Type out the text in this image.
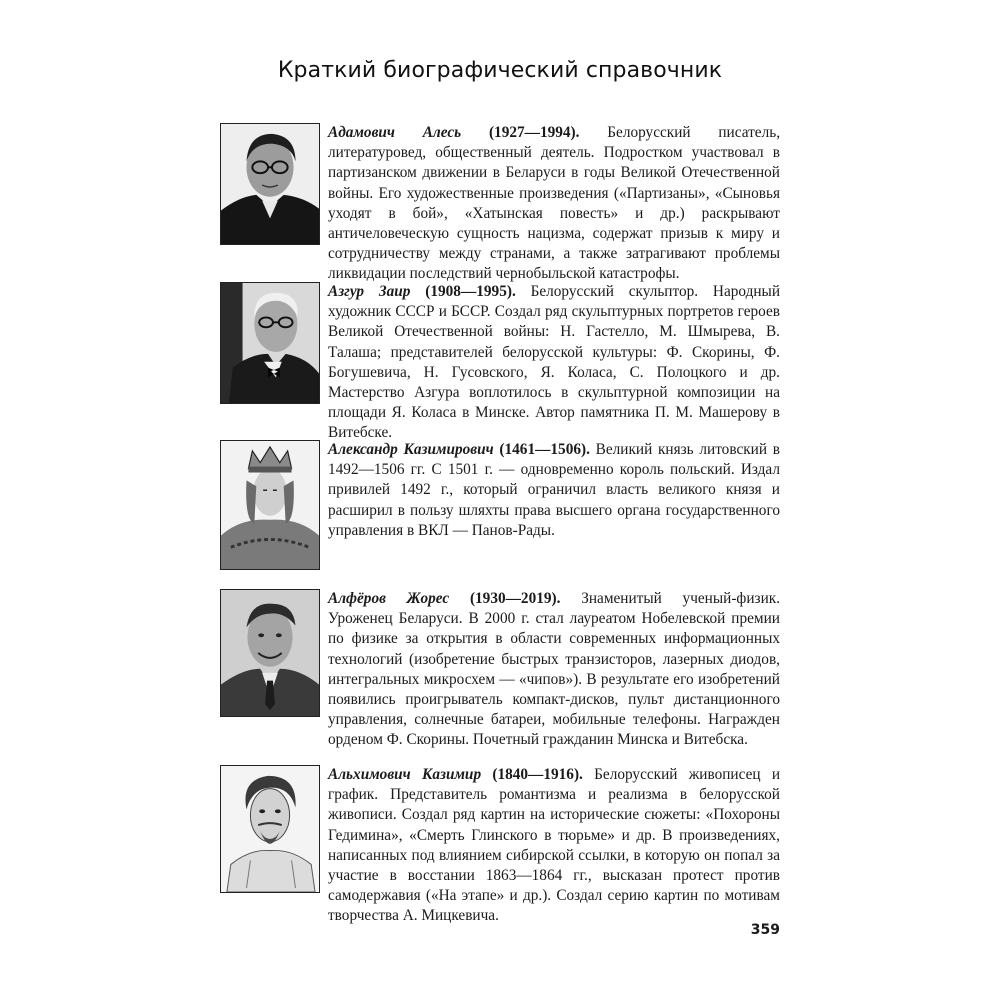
Краткий биографический справочник
Адамович Алесь (1927—1994). Белорусский писатель, литературовед, общественный деятель. Подростком участвовал в партизанском движении в Беларуси в годы Великой Отечественной войны. Его художественные произведения («Партизаны», «Сыновья уходят в бой», «Хатынская повесть» и др.) раскрывают античеловеческую сущность нацизма, содержат призыв к миру и сотрудничеству между странами, а также затрагивают проблемы ликвидации последствий чернобыльской катастрофы.
Азгур Заир (1908—1995). Белорусский скульптор. Народный художник СССР и БССР. Создал ряд скульптурных портретов героев Великой Отечественной войны: Н. Гастелло, М. Шмырева, В. Талаша; представителей белорусской культуры: Ф. Скорины, Ф. Богушевича, Н. Гусовского, Я. Коласа, С. Полоцкого и др. Мастерство Азгура воплотилось в скульптурной композиции на площади Я. Коласа в Минске. Автор памятника П. М. Машерову в Витебске.
Александр Казимирович (1461—1506). Великий князь литовский в 1492—1506 гг. С 1501 г. — одновременно король польский. Издал привилей 1492 г., который ограничил власть великого князя и расширил в пользу шляхты права высшего органа государственного управления в ВКЛ — Панов-Рады.
Алфёров Жорес (1930—2019). Знаменитый ученый-физик. Уроженец Беларуси. В 2000 г. стал лауреатом Нобелевской премии по физике за открытия в области современных информационных технологий (изобретение быстрых транзисторов, лазерных диодов, интегральных микросхем — «чипов»). В результате его изобретений появились проигрыватель компакт-дисков, пульт дистанционного управления, солнечные батареи, мобильные телефоны. Награжден орденом Ф. Скорины. Почетный гражданин Минска и Витебска.
Альхимович Казимир (1840—1916). Белорусский живописец и график. Представитель романтизма и реализма в белорусской живописи. Создал ряд картин на исторические сюжеты: «Похороны Гедимина», «Смерть Глинского в тюрьме» и др. В произведениях, написанных под влиянием сибирской ссылки, в которую он попал за участие в восстании 1863—1864 гг., высказан протест против самодержавия («На этапе» и др.). Создал серию картин по мотивам творчества А. Мицкевича.
359
